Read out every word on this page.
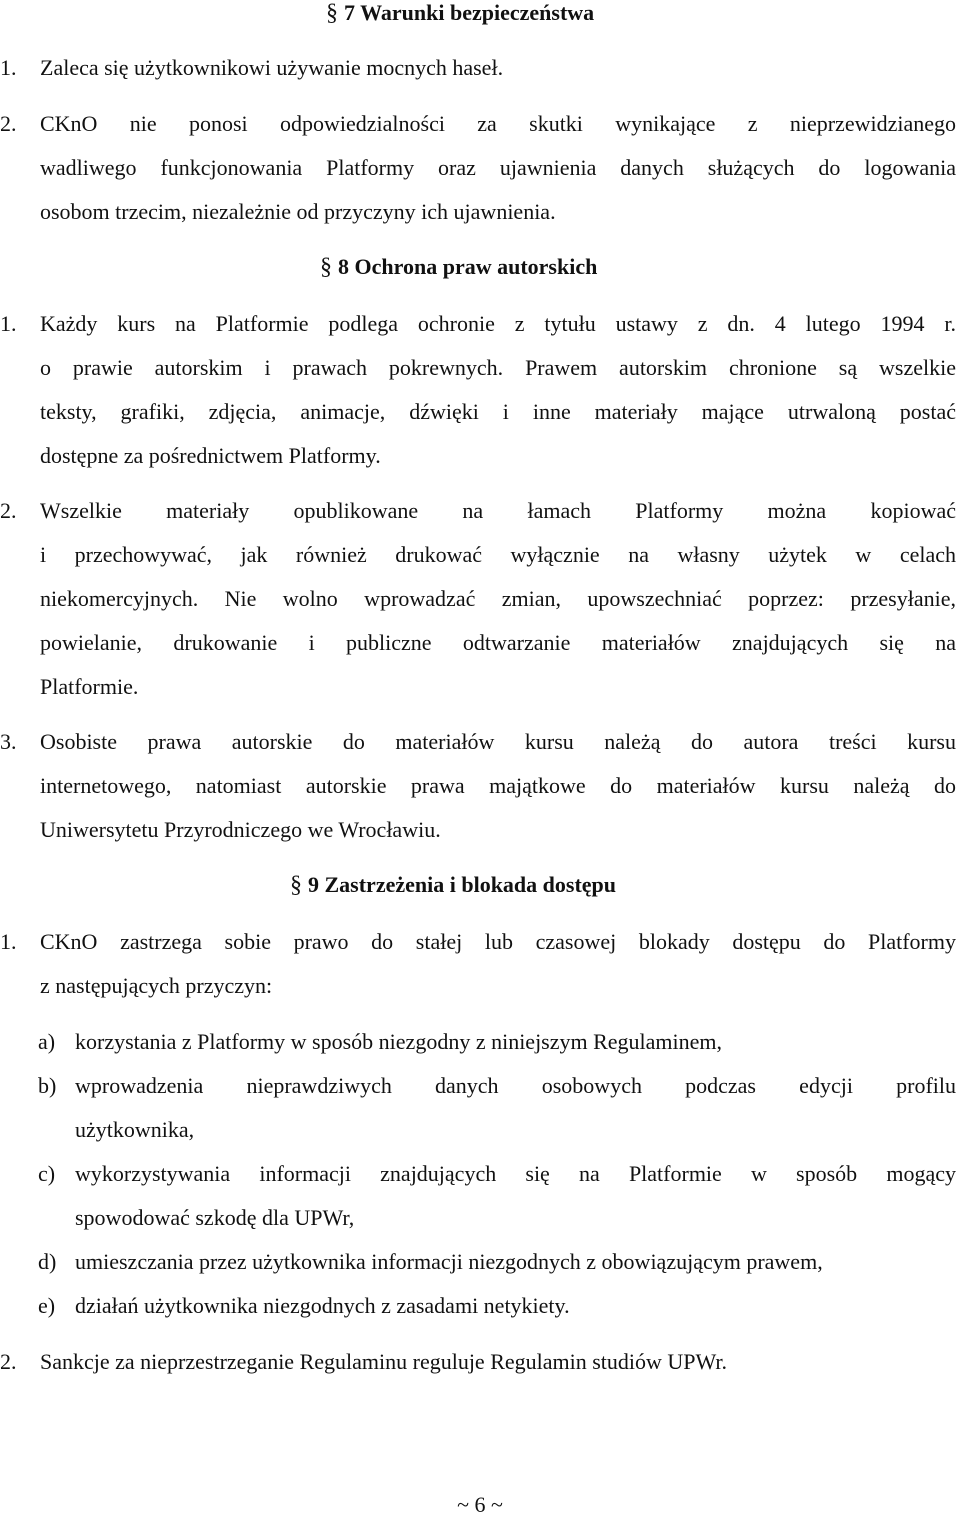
§ 7 Warunki bezpieczeństwa
1. Zaleca się użytkownikowi używanie mocnych haseł.
2. CKnO nie ponosi odpowiedzialności za skutki wynikające z nieprzewidzianego
wadliwego funkcjonowania Platformy oraz ujawnienia danych służących do logowania
osobom trzecim, niezależnie od przyczyny ich ujawnienia.
§ 8 Ochrona praw autorskich
1. Każdy kurs na Platformie podlega ochronie z tytułu ustawy z dn. 4 lutego 1994 r.
o prawie autorskim i prawach pokrewnych. Prawem autorskim chronione są wszelkie
teksty, grafiki, zdjęcia, animacje, dźwięki i inne materiały mające utrwaloną postać
dostępne za pośrednictwem Platformy.
2. Wszelkie materiały opublikowane na łamach Platformy można kopiować
i przechowywać, jak również drukować wyłącznie na własny użytek w celach
niekomercyjnych. Nie wolno wprowadzać zmian, upowszechniać poprzez: przesyłanie,
powielanie, drukowanie i publiczne odtwarzanie materiałów znajdujących się na
Platformie.
3. Osobiste prawa autorskie do materiałów kursu należą do autora treści kursu
internetowego, natomiast autorskie prawa majątkowe do materiałów kursu należą do
Uniwersytetu Przyrodniczego we Wrocławiu.
§ 9 Zastrzeżenia i blokada dostępu
1. CKnO zastrzega sobie prawo do stałej lub czasowej blokady dostępu do Platformy
z następujących przyczyn:
a) korzystania z Platformy w sposób niezgodny z niniejszym Regulaminem,
b) wprowadzenia nieprawdziwych danych osobowych podczas edycji profilu
użytkownika,
c) wykorzystywania informacji znajdujących się na Platformie w sposób mogący
spowodować szkodę dla UPWr,
d) umieszczania przez użytkownika informacji niezgodnych z obowiązującym prawem,
e) działań użytkownika niezgodnych z zasadami netykiety.
2. Sankcje za nieprzestrzeganie Regulaminu reguluje Regulamin studiów UPWr.
~ 6 ~
